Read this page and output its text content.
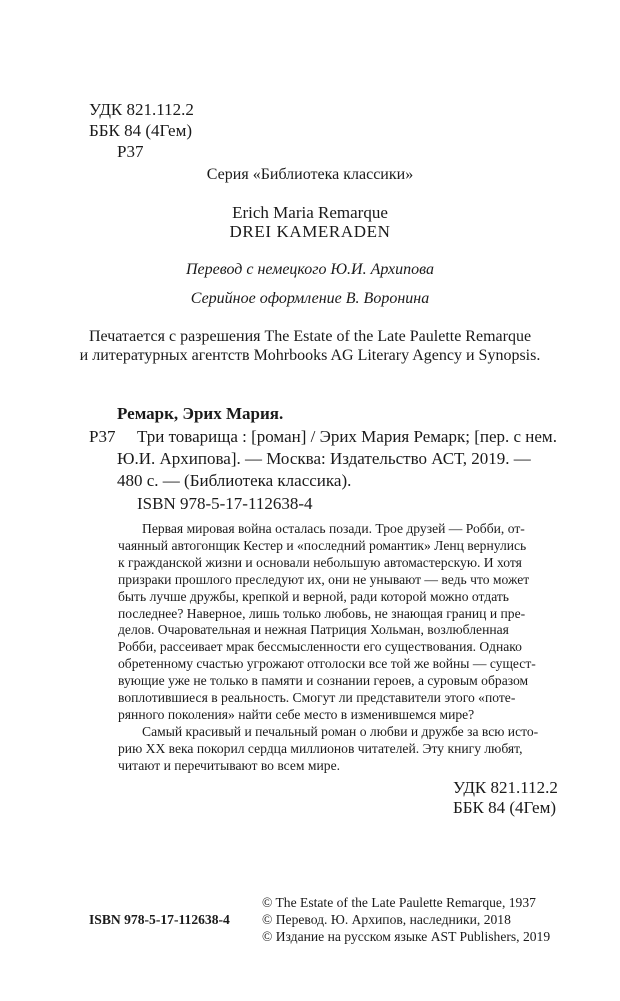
УДК 821.112.2
ББК 84 (4Гем)
Р37
Серия «Библиотека классики»
Erich Maria Remarque
DREI KAMERADEN
Перевод с немецкого Ю.И. Архипова
Серийное оформление В. Воронина
Печатается с разрешения The Estate of the Late Paulette Remarque
и литературных агентств Mohrbooks AG Literary Agency и Synopsis.
Ремарк, Эрих Мария.
Р37 Три товарища : [роман] / Эрих Мария Ремарк; [пер. с нем.
Ю.И. Архипова]. — Москва: Издательство АСТ, 2019. —
480 с. — (Библиотека классика).
ISBN 978-5-17-112638-4

Первая мировая война осталась позади. Трое друзей — Робби, от-

чаянный автогонщик Кестер и «последний романтик» Ленц вернулись

к гражданской жизни и основали небольшую автомастерскую. И хотя

призраки прошлого преследуют их, они не унывают — ведь что может

быть лучше дружбы, крепкой и верной, ради которой можно отдать

последнее? Наверное, лишь только любовь, не знающая границ и пре-

делов. Очаровательная и нежная Патриция Хольман, возлюбленная

Робби, рассеивает мрак бессмысленности его существования. Однако

обретенному счастью угрожают отголоски все той же войны — сущест-

вующие уже не только в памяти и сознании героев, а суровым образом

воплотившиеся в реальность. Смогут ли представители этого «поте-

рянного поколения» найти себе место в изменившемся мире?

Самый красивый и печальный роман о любви и дружбе за всю исто-

рию XX века покорил сердца миллионов читателей. Эту книгу любят,

читают и перечитывают во всем мире.

УДК 821.112.2
ББК 84 (4Гем)
© The Estate of the Late Paulette Remarque, 1937
ISBN 978-5-17-112638-4 © Перевод. Ю. Архипов, наследники, 2018
© Издание на русском языке AST Publishers, 2019
